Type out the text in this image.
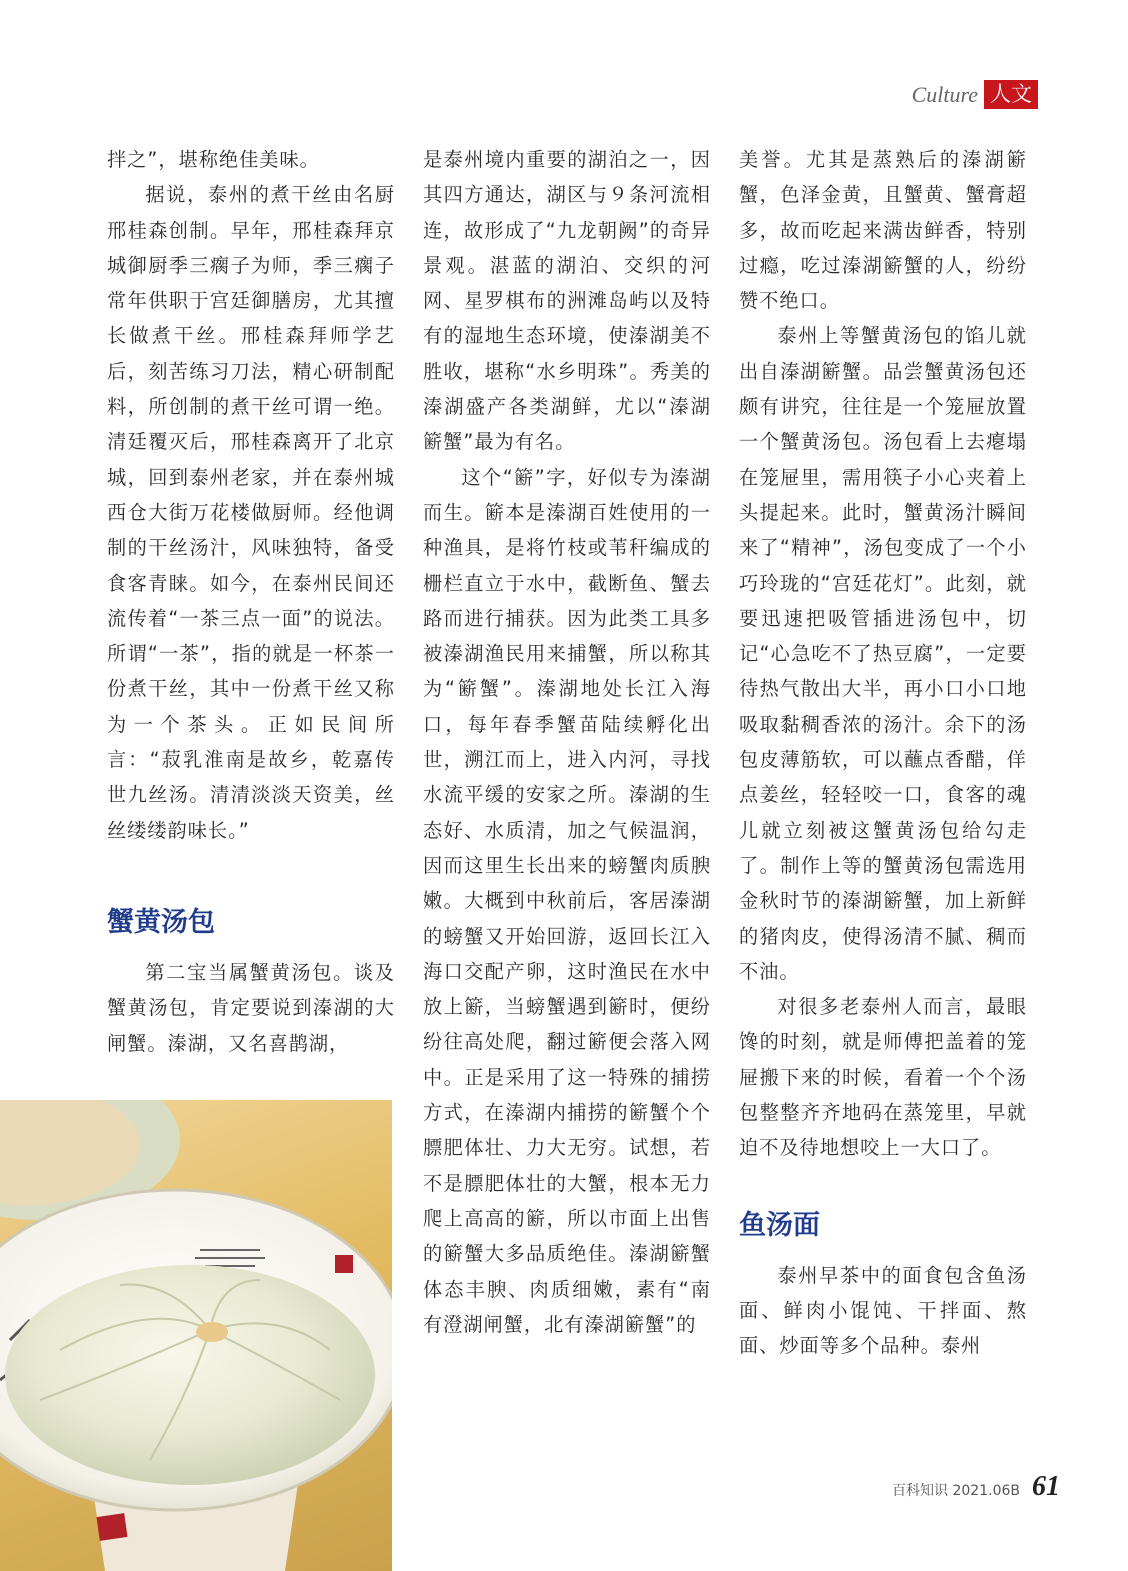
Culture 人文

拌之”，堪称绝佳美味。

据说，泰州的煮干丝由名厨邢桂森创制。早年，邢桂森拜京城御厨季三瘸子为师，季三瘸子常年供职于宫廷御膳房，尤其擅长做煮干丝。邢桂森拜师学艺后，刻苦练习刀法，精心研制配料，所创制的煮干丝可谓一绝。清廷覆灭后，邢桂森离开了北京城，回到泰州老家，并在泰州城西仓大街万花楼做厨师。经他调制的干丝汤汁，风味独特，备受食客青睐。如今，在泰州民间还流传着“一茶三点一面”的说法。所谓“一茶”，指的就是一杯茶一份煮干丝，其中一份煮干丝又称为一个茶头。正如民间所言：“菽乳淮南是故乡，乾嘉传世九丝汤。清清淡淡天资美，丝丝缕缕韵味长。”

蟹黄汤包

第二宝当属蟹黄汤包。谈及蟹黄汤包，肯定要说到溱湖的大闸蟹。溱湖，又名喜鹊湖，

是泰州境内重要的湖泊之一，因其四方通达，湖区与９条河流相连，故形成了“九龙朝阙”的奇异景观。湛蓝的湖泊、交织的河网、星罗棋布的洲滩岛屿以及特有的湿地生态环境，使溱湖美不胜收，堪称“水乡明珠”。秀美的溱湖盛产各类湖鲜，尤以“溱湖簖蟹”最为有名。

这个“簖”字，好似专为溱湖而生。簖本是溱湖百姓使用的一种渔具，是将竹枝或苇秆编成的栅栏直立于水中，截断鱼、蟹去路而进行捕获。因为此类工具多被溱湖渔民用来捕蟹，所以称其为“簖蟹”。溱湖地处长江入海口，每年春季蟹苗陆续孵化出世，溯江而上，进入内河，寻找水流平缓的安家之所。溱湖的生态好、水质清，加之气候温润，因而这里生长出来的螃蟹肉质腴嫩。大概到中秋前后，客居溱湖的螃蟹又开始回游，返回长江入海口交配产卵，这时渔民在水中放上簖，当螃蟹遇到簖时，便纷纷往高处爬，翻过簖便会落入网中。正是采用了这一特殊的捕捞方式，在溱湖内捕捞的簖蟹个个膘肥体壮、力大无穷。试想，若不是膘肥体壮的大蟹，根本无力爬上高高的簖，所以市面上出售的簖蟹大多品质绝佳。溱湖簖蟹体态丰腴、肉质细嫩，素有“南有澄湖闸蟹，北有溱湖簖蟹”的

美誉。尤其是蒸熟后的溱湖簖蟹，色泽金黄，且蟹黄、蟹膏超多，故而吃起来满齿鲜香，特别过瘾，吃过溱湖簖蟹的人，纷纷赞不绝口。

泰州上等蟹黄汤包的馅儿就出自溱湖簖蟹。品尝蟹黄汤包还颇有讲究，往往是一个笼屉放置一个蟹黄汤包。汤包看上去瘪塌在笼屉里，需用筷子小心夹着上头提起来。此时，蟹黄汤汁瞬间来了“精神”，汤包变成了一个小巧玲珑的“宫廷花灯”。此刻，就要迅速把吸管插进汤包中，切记“心急吃不了热豆腐”，一定要待热气散出大半，再小口小口地吸取黏稠香浓的汤汁。余下的汤包皮薄筋软，可以蘸点香醋，佯点姜丝，轻轻咬一口，食客的魂儿就立刻被这蟹黄汤包给勾走了。制作上等的蟹黄汤包需选用金秋时节的溱湖簖蟹，加上新鲜的猪肉皮，使得汤清不腻、稠而不油。

对很多老泰州人而言，最眼馋的时刻，就是师傅把盖着的笼屉搬下来的时候，看着一个个汤包整整齐齐地码在蒸笼里，早就迫不及待地想咬上一大口了。

鱼汤面

泰州早茶中的面食包含鱼汤面、鲜肉小馄饨、干拌面、熬面、炒面等多个品种。泰州

百科知识 2021.06B 61
